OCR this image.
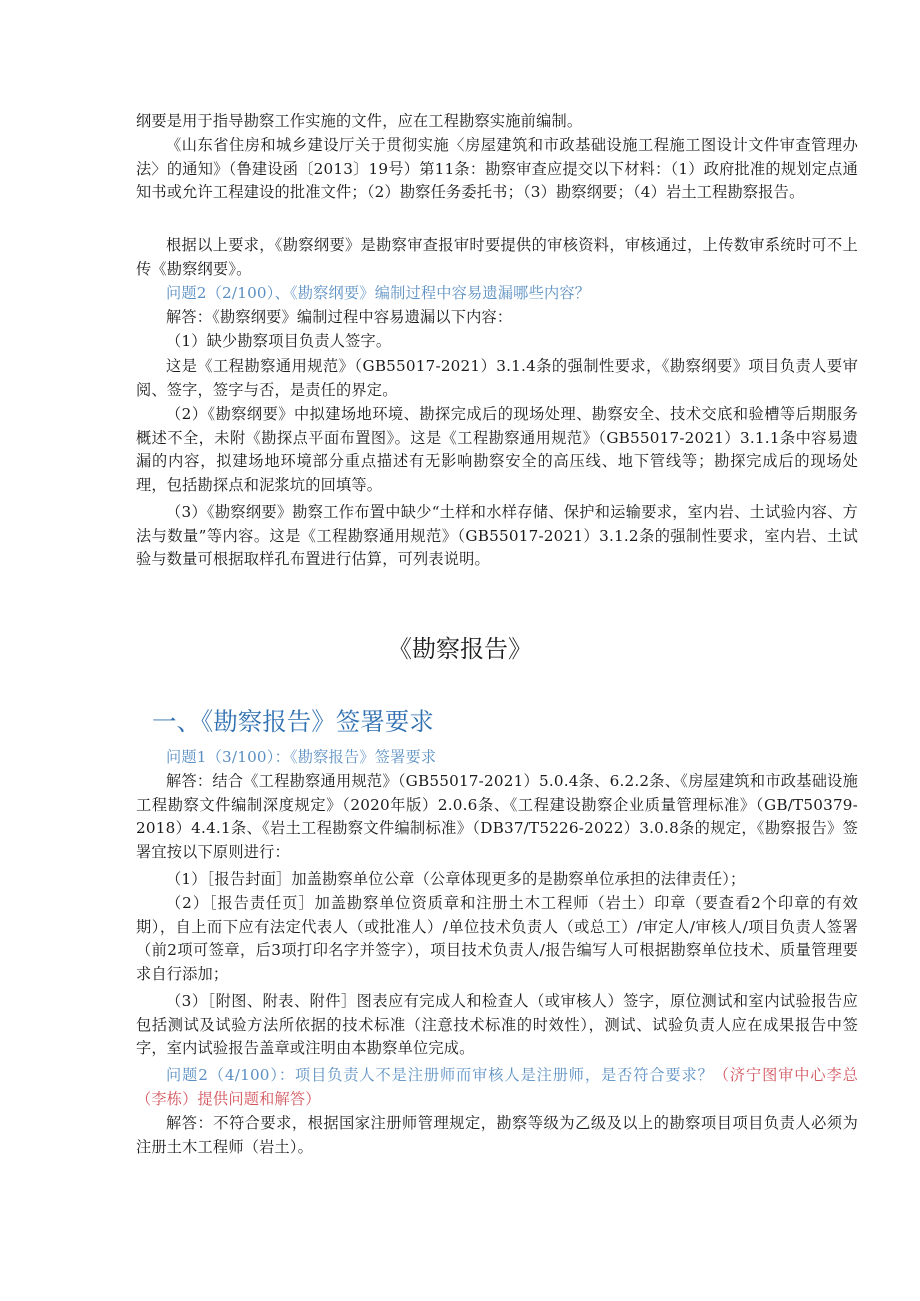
纲要是用于指导勘察工作实施的文件，应在工程勘察实施前编制。

《山东省住房和城乡建设厅关于贯彻实施〈房屋建筑和市政基础设施工程施工图设计文件审查管理办法〉的通知》（鲁建设函〔2013〕19号）第11条：勘察审查应提交以下材料：（1）政府批准的规划定点通知书或允许工程建设的批准文件；（2）勘察任务委托书；（3）勘察纲要；（4）岩土工程勘察报告。

根据以上要求，《勘察纲要》是勘察审查报审时要提供的审核资料，审核通过，上传数审系统时可不上传《勘察纲要》。

问题2（2/100）、《勘察纲要》编制过程中容易遗漏哪些内容？

解答：《勘察纲要》编制过程中容易遗漏以下内容：

（1）缺少勘察项目负责人签字。

这是《工程勘察通用规范》（GB55017-2021）3.1.4条的强制性要求，《勘察纲要》项目负责人要审阅、签字，签字与否，是责任的界定。

（2）《勘察纲要》中拟建场地环境、勘探完成后的现场处理、勘察安全、技术交底和验槽等后期服务概述不全，未附《勘探点平面布置图》。这是《工程勘察通用规范》（GB55017-2021）3.1.1条中容易遗漏的内容，拟建场地环境部分重点描述有无影响勘察安全的高压线、地下管线等；勘探完成后的现场处理，包括勘探点和泥浆坑的回填等。

（3）《勘察纲要》勘察工作布置中缺少“土样和水样存储、保护和运输要求，室内岩、土试验内容、方法与数量”等内容。这是《工程勘察通用规范》（GB55017-2021）3.1.2条的强制性要求，室内岩、土试验与数量可根据取样孔布置进行估算，可列表说明。

《勘察报告》
一、《勘察报告》签署要求

问题1（3/100）：《勘察报告》签署要求

解答：结合《工程勘察通用规范》（GB55017-2021）5.0.4条、6.2.2条、《房屋建筑和市政基础设施工程勘察文件编制深度规定》（2020年版）2.0.6条、《工程建设勘察企业质量管理标准》（GB/T50379-2018）4.4.1条、《岩土工程勘察文件编制标准》（DB37/T5226-2022）3.0.8条的规定，《勘察报告》签署宜按以下原则进行：

（1）［报告封面］加盖勘察单位公章（公章体现更多的是勘察单位承担的法律责任）；

（2）［报告责任页］加盖勘察单位资质章和注册土木工程师（岩土）印章（要查看2个印章的有效期），自上而下应有法定代表人（或批准人）/单位技术负责人（或总工）/审定人/审核人/项目负责人签署（前2项可签章，后3项打印名字并签字），项目技术负责人/报告编写人可根据勘察单位技术、质量管理要求自行添加；

（3）［附图、附表、附件］图表应有完成人和检查人（或审核人）签字，原位测试和室内试验报告应包括测试及试验方法所依据的技术标准（注意技术标准的时效性），测试、试验负责人应在成果报告中签字，室内试验报告盖章或注明由本勘察单位完成。

问题2（4/100）：项目负责人不是注册师而审核人是注册师，是否符合要求？（济宁图审中心李总（李栋）提供问题和解答）

解答：不符合要求，根据国家注册师管理规定，勘察等级为乙级及以上的勘察项目项目负责人必须为注册土木工程师（岩土）。
